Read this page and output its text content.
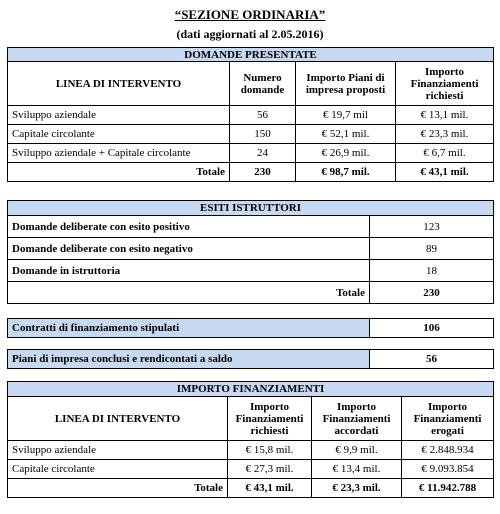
“SEZIONE ORDINARIA”
(dati aggiornati al 2.05.2016)
DOMANDE PRESENTATE			
LINEA DI INTERVENTO	Numero domande	Importo Piani di impresa proposti	Importo Finanziamenti richiesti
Sviluppo aziendale	56	€ 19,7 mil	€ 13,1 mil.
Capitale circolante	150	€ 52,1 mil.	€ 23,3 mil.
Sviluppo aziendale + Capitale circolante	24	€ 26,9 mil.	€ 6,7 mil.
Totale	230	€ 98,7 mil.	€ 43,1 mil.
ESITI ISTRUTTORI	
Domande deliberate con esito positivo	123
Domande deliberate con esito negativo	89
Domande in istruttoria	18
Totale	230
Contratti di finanziamento stipulati	106
Piani di impresa conclusi e rendicontati a saldo	56
IMPORTO FINANZIAMENTI			
LINEA DI INTERVENTO	Importo Finanziamenti richiesti	Importo Finanziamenti accordati	Importo Finanziamenti erogati
Sviluppo aziendale	€ 15,8 mil.	€ 9,9 mil.	€ 2.848.934
Capitale circolante	€ 27,3 mil.	€ 13,4 mil.	€ 9.093.854
Totale	€ 43,1 mil.	€ 23,3 mil.	€ 11.942.788
